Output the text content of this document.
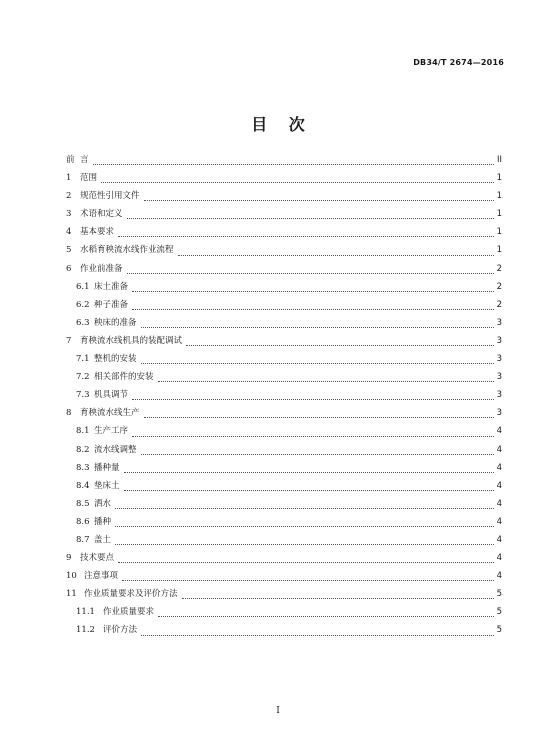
DB34/T 2674—2016
目 次
前 言	II
1	范围	1
2	规范性引用文件	1
3	术语和定义	1
4	基本要求	1
5	水稻育秧流水线作业流程	1
6	作业前准备	2
6.1 床土准备	2
6.2 种子准备	2
6.3 秧床的准备	3
7	育秧流水线机具的装配调试	3
7.1 整机的安装	3
7.2 相关部件的安装	3
7.3 机具调节	3
8	育秧流水线生产	3
8.1 生产工序	4
8.2 流水线调整	4
8.3 播种量	4
8.4 垫床土	4
8.5 洒水	4
8.6 播种	4
8.7 盖土	4
9	技术要点	4
10 注意事项	4
11 作业质量要求及评价方法	5
11.1 作业质量要求	5
11.2 评价方法	5
I
